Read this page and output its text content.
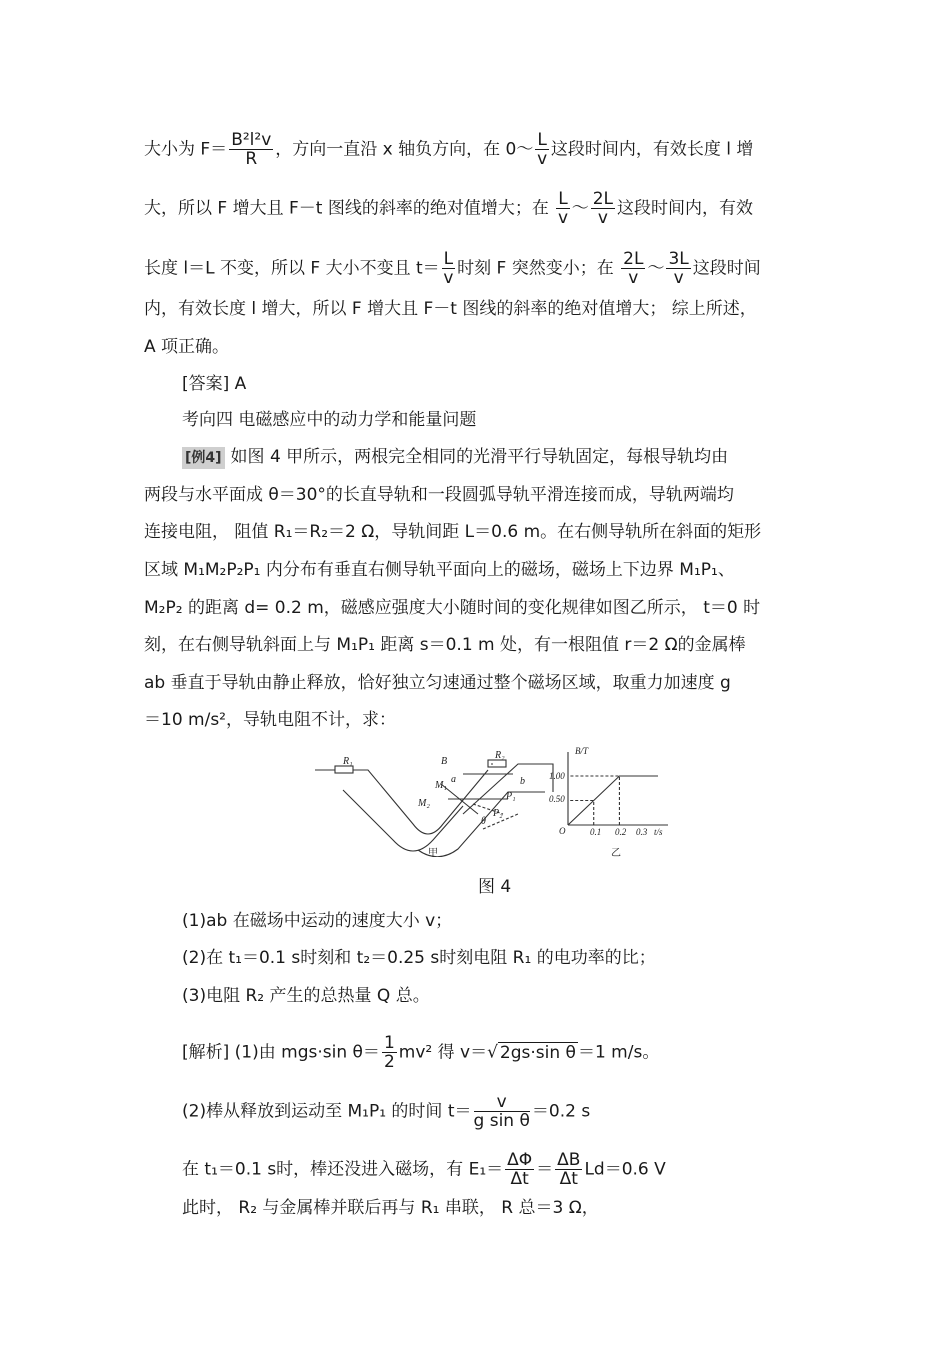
大小为 $F= \frac{\text{B²l²v}}{R}$ ，方向一直沿 x 轴负方向，在 0～ $\frac{L}{v}$ 这段时间内，有效长度 l 增
大，所以 F 增大且 F－t 图线的斜率的绝对值增大；在 $\frac{L}{v}$ ～ $\frac{2L}{v}$ 这段时间内，有效
长度 l＝L 不变，所以 F 大小不变且 $t= \frac{L}{v}$ 时刻 F 突然变小；在 $\frac{2L}{v}$ ～ $\frac{3L}{v}$ 这段时间
内，有效长度 l 增大，所以 F 增大且 F－t 图线的斜率的绝对值增大； 综上所述，
A 项正确。
[答案] A
考向四 电磁感应中的动力学和能量问题
[例4] 如图 4 甲所示，两根完全相同的光滑平行导轨固定，每根导轨均由
两段与水平面成 θ＝30°的长直导轨和一段圆弧导轨平滑连接而成，导轨两端均
连接电阻， 阻值 R₁＝R₂＝2 Ω，导轨间距 L＝0.6 m。在右侧导轨所在斜面的矩形
区域 M₁M₂P₂P₁ 内分布有垂直右侧导轨平面向上的磁场，磁场上下边界 M₁P₁、
M₂P₂ 的距离 d= 0.2 m，磁感应强度大小随时间的变化规律如图乙所示， t＝0 时
刻，在右侧导轨斜面上与 M₁P₁ 距离 s＝0.1 m 处，有一根阻值 r＝2 Ω的金属棒
ab 垂直于导轨由静止释放，恰好独立匀速通过整个磁场区域，取重力加速度 g
＝10 m/s²，导轨电阻不计，求：
R₁
R₂
B
a	b
M₁
M₂
P₁
P₂
θ
甲
B/T
O
1.00
0.50
0.1 0.2 0.3 t/s
乙
图 4
(1)ab 在磁场中运动的速度大小 v；
(2)在 t₁＝0.1 s时刻和 t₂＝0.25 s时刻电阻 R₁ 的电功率的比；
(3)电阻 R₂ 产生的总热量 Q 总。
[解析] (1)由 mgs·sin $\theta= \frac{1}{2} mv^2$ 得 v＝√ 2gs·sin θ ＝1 m/s。
(2)棒从释放到运动至 M₁P₁ 的时间 $t= \frac{v}{\text{g sin θ}} =0.2$ s
在 t₁＝0.1 s时，棒还没进入磁场，有 $E_1= \frac{\Delta\Phi}{\Delta t} = \frac{\Delta B}{\Delta t} Ld=0.6$ V
此时， R₂ 与金属棒并联后再与 R₁ 串联， R 总＝3 Ω，
